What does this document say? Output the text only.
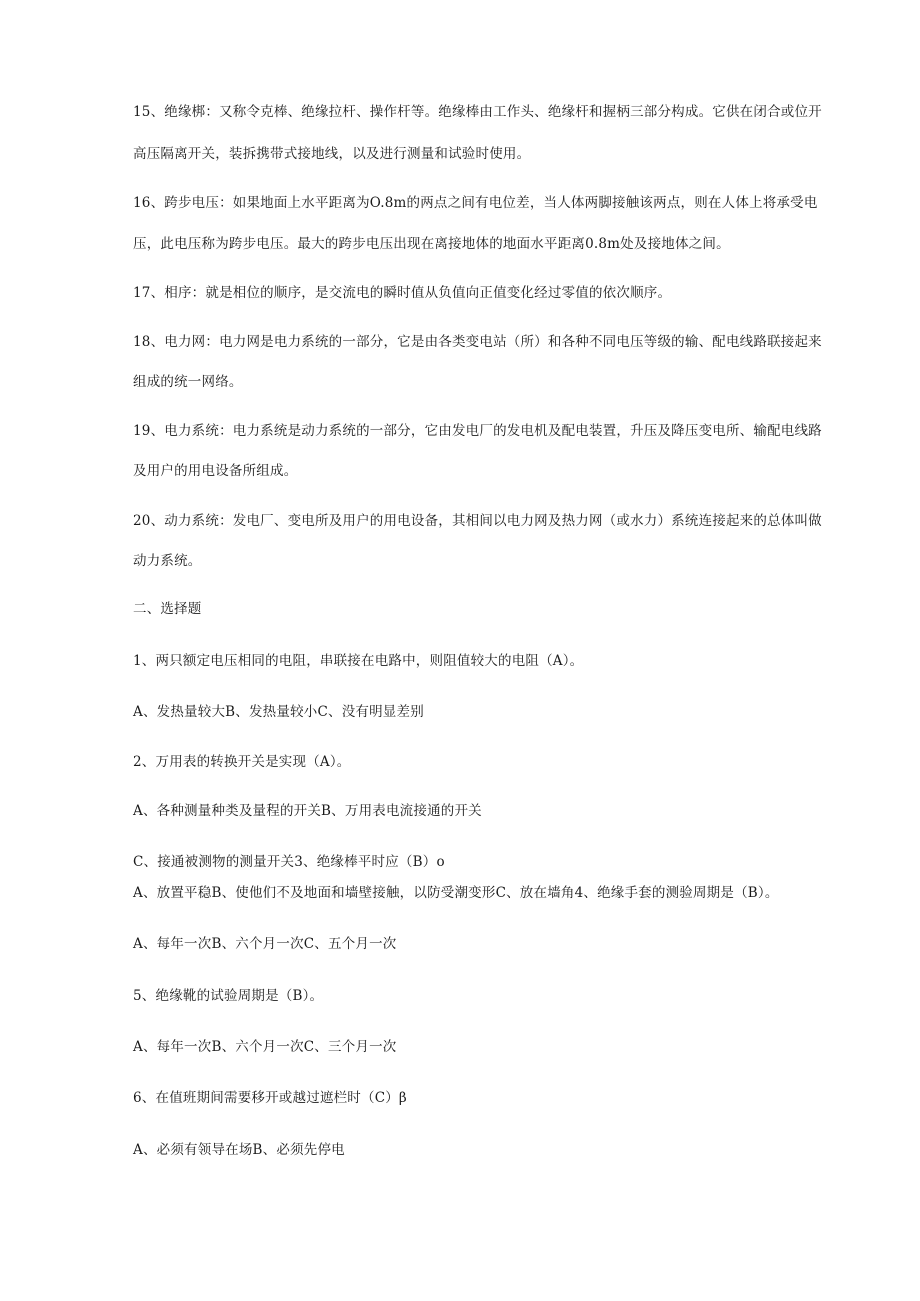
15、绝缘梆：又称令克棒、绝缘拉杆、操作杆等。绝缘棒由工作头、绝缘杆和握柄三部分构成。它供在闭合或位开
高压隔离开关，装拆携带式接地线，以及进行测量和试验时使用。
16、跨步电压：如果地面上水平距离为O.8m的两点之间有电位差，当人体两脚接触该两点，则在人体上将承受电
压，此电压称为跨步电压。最大的跨步电压出现在离接地体的地面水平距离0.8m处及接地体之间。
17、相序：就是相位的顺序，是交流电的瞬时值从负值向正值变化经过零值的依次顺序。
18、电力网：电力网是电力系统的一部分，它是由各类变电站（所）和各种不同电压等级的输、配电线路联接起来
组成的统一网络。
19、电力系统：电力系统是动力系统的一部分，它由发电厂的发电机及配电装置，升压及降压变电所、输配电线路
及用户的用电设备所组成。
20、动力系统：发电厂、变电所及用户的用电设备，其相间以电力网及热力网（或水力）系统连接起来的总体叫做
动力系统。
二、选择题
1、两只额定电压相同的电阻，串联接在电路中，则阻值较大的电阻（A）。
A、发热量较大B、发热量较小C、没有明显差别
2、万用表的转换开关是实现（A）。
A、各种测量种类及量程的开关B、万用表电流接通的开关
C、接通被测物的测量开关3、绝缘棒平时应（B）o
A、放置平稳B、使他们不及地面和墙壁接触，以防受潮变形C、放在墙角4、绝缘手套的测验周期是（B）。
A、每年一次B、六个月一次C、五个月一次
5、绝缘靴的试验周期是（B）。
A、每年一次B、六个月一次C、三个月一次
6、在值班期间需要移开或越过遮栏时（C）β
A、必须有领导在场B、必须先停电
